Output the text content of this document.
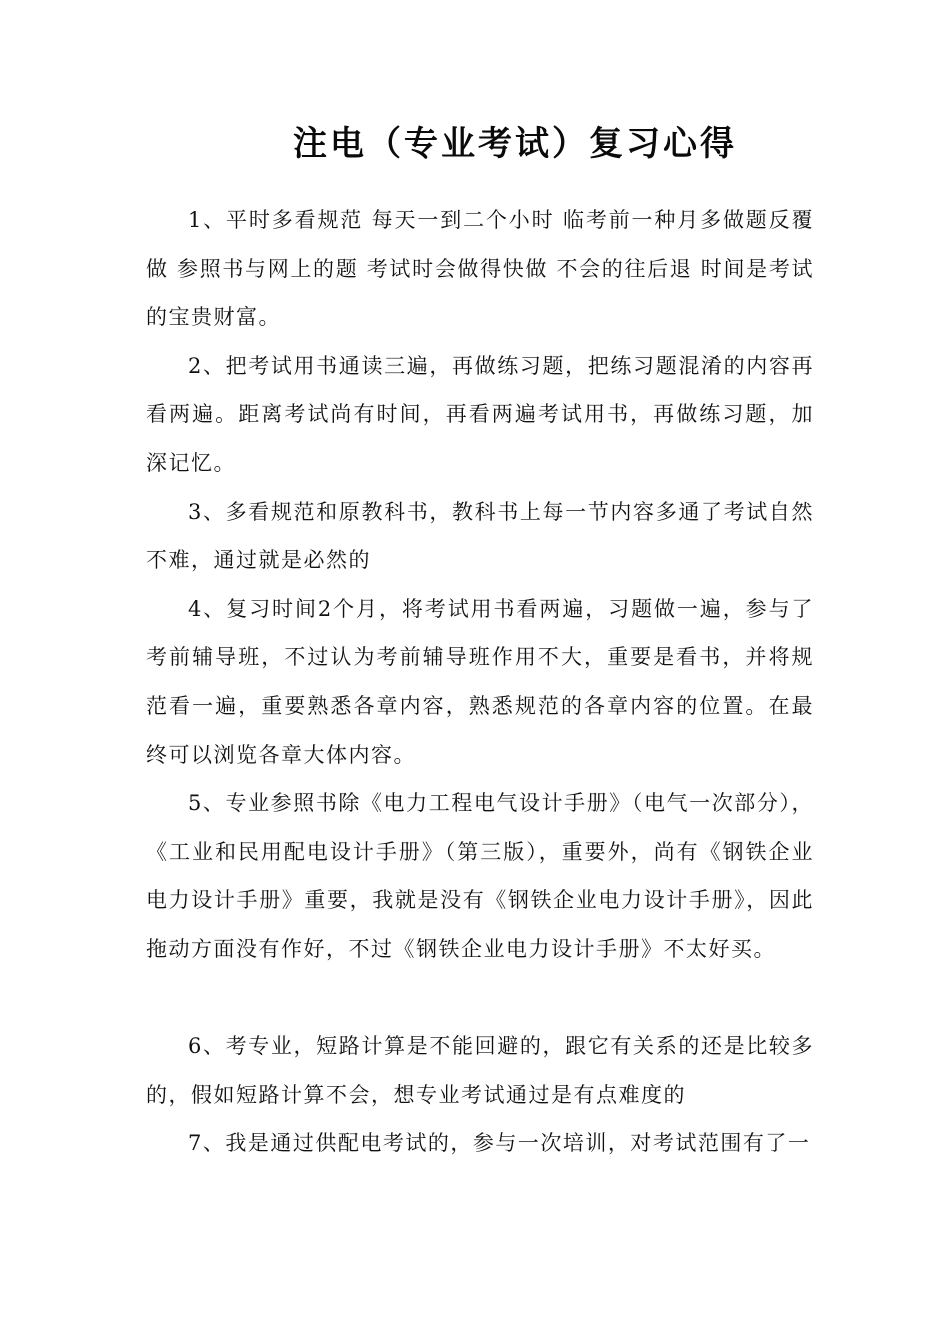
注电（专业考试）复习心得

1、平时多看规范 每天一到二个小时 临考前一种月多做题反覆做 参照书与网上的题 考试时会做得快做 不会的往后退 时间是考试的宝贵财富。

2、把考试用书通读三遍，再做练习题，把练习题混淆的内容再看两遍。距离考试尚有时间，再看两遍考试用书，再做练习题，加深记忆。

3、多看规范和原教科书，教科书上每一节内容多通了考试自然不难，通过就是必然的

4、复习时间2个月，将考试用书看两遍，习题做一遍，参与了考前辅导班，不过认为考前辅导班作用不大，重要是看书，并将规范看一遍，重要熟悉各章内容，熟悉规范的各章内容的位置。在最终可以浏览各章大体内容。

5、专业参照书除《电力工程电气设计手册》（电气一次部分），《工业和民用配电设计手册》（第三版），重要外，尚有《钢铁企业电力设计手册》重要，我就是没有《钢铁企业电力设计手册》，因此拖动方面没有作好，不过《钢铁企业电力设计手册》不太好买。

6、考专业，短路计算是不能回避的，跟它有关系的还是比较多的，假如短路计算不会，想专业考试通过是有点难度的

7、我是通过供配电考试的，参与一次培训，对考试范围有了一
